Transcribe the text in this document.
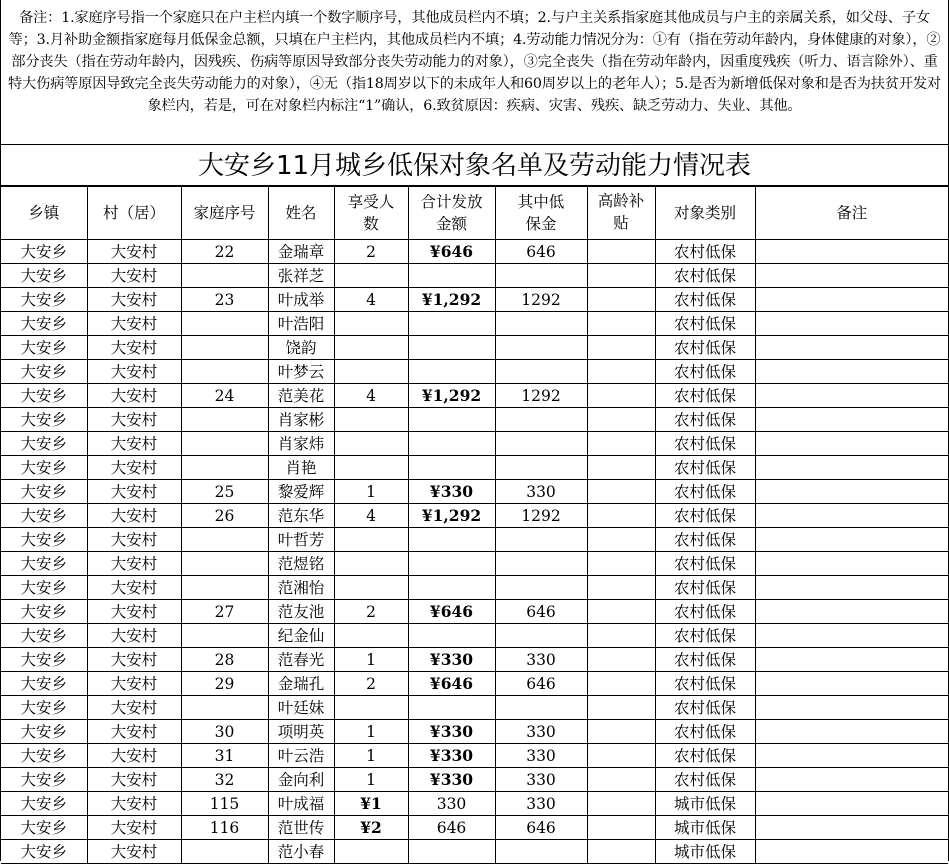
备注：1.家庭序号指一个家庭只在户主栏内填一个数字顺序号，其他成员栏内不填；2.与户主关系指家庭其他成员与户主的亲属关系，如父母、子女等；3.月补助金额指家庭每月低保金总额，只填在户主栏内，其他成员栏内不填；4.劳动能力情况分为：①有（指在劳动年龄内，身体健康的对象），②部分丧失（指在劳动年龄内，因残疾、伤病等原因导致部分丧失劳动能力的对象），③完全丧失（指在劳动年龄内，因重度残疾（听力、语言除外）、重特大伤病等原因导致完全丧失劳动能力的对象），④无（指18周岁以下的未成年人和60周岁以上的老年人）；5.是否为新增低保对象和是否为扶贫开发对象栏内，若是，可在对象栏内标注“1”确认，6.致贫原因：疾病、灾害、残疾、缺乏劳动力、失业、其他。
大安乡11月城乡低保对象名单及劳动能力情况表
乡镇	村（居）	家庭序号	姓名	享受人数	合计发放金额	其中低保金	高龄补贴	对象类别	备注
大安乡	大安村	22	金瑞章	2	¥646	646		农村低保	
大安乡	大安村		张祥芝					农村低保	
大安乡	大安村	23	叶成举	4	¥1,292	1292		农村低保	
大安乡	大安村		叶浩阳					农村低保	
大安乡	大安村		饶韵					农村低保	
大安乡	大安村		叶梦云					农村低保	
大安乡	大安村	24	范美花	4	¥1,292	1292		农村低保	
大安乡	大安村		肖家彬					农村低保	
大安乡	大安村		肖家炜					农村低保	
大安乡	大安村		肖艳					农村低保	
大安乡	大安村	25	黎爱辉	1	¥330	330		农村低保	
大安乡	大安村	26	范东华	4	¥1,292	1292		农村低保	
大安乡	大安村		叶哲芳					农村低保	
大安乡	大安村		范煜铭					农村低保	
大安乡	大安村		范湘怡					农村低保	
大安乡	大安村	27	范友池	2	¥646	646		农村低保	
大安乡	大安村		纪金仙					农村低保	
大安乡	大安村	28	范春光	1	¥330	330		农村低保	
大安乡	大安村	29	金瑞孔	2	¥646	646		农村低保	
大安乡	大安村		叶廷妹					农村低保	
大安乡	大安村	30	项明英	1	¥330	330		农村低保	
大安乡	大安村	31	叶云浩	1	¥330	330		农村低保	
大安乡	大安村	32	金向利	1	¥330	330		农村低保	
大安乡	大安村	115	叶成福	¥1	330	330		城市低保	
大安乡	大安村	116	范世传	¥2	646	646		城市低保	
大安乡	大安村		范小春					城市低保	
